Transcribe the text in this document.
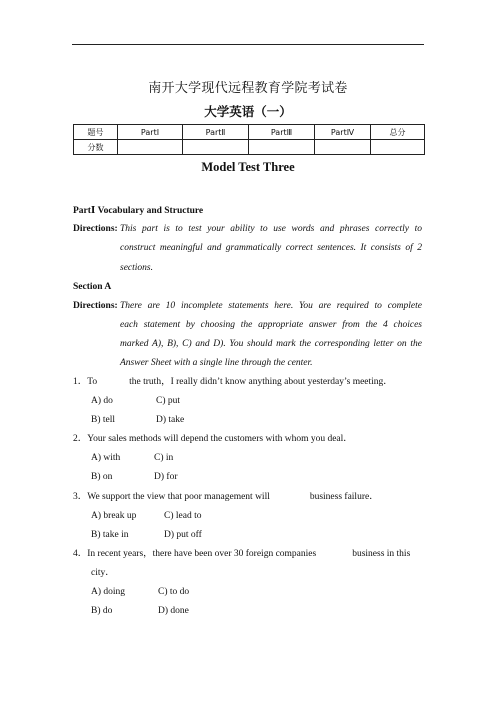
南开大学现代远程教育学院考试卷
大学英语（一）
题号	PartⅠ	PartⅡ	PartⅢ	PartⅣ	总分
分数					
Model Test Three
PartⅠ Vocabulary and Structure
Directions: This part is to test your ability to use words and phrases correctly to
construct meaningful and grammatically correct sentences. It consists of 2
sections.
Section A
Directions: There are 10 incomplete statements here. You are required to complete
each statement by choosing the appropriate answer from the 4 choices
marked A), B), C) and D). You should mark the corresponding letter on the
Answer Sheet with a single line through the center.
1．To	the truth，I really didn’t know anything about yesterday’s meeting．
A) do	C) put
B) tell	D) take
2．Your sales methods will depend the customers with whom you deal．
A) with	C) in
B) on	D) for
3．We support the view that poor management will	business failure．
A) break up	C) lead to
B) take in	D) put off
4．In recent years，there have been over 30 foreign companies	business in this
city．
A) doing	C) to do
B) do	D) done
